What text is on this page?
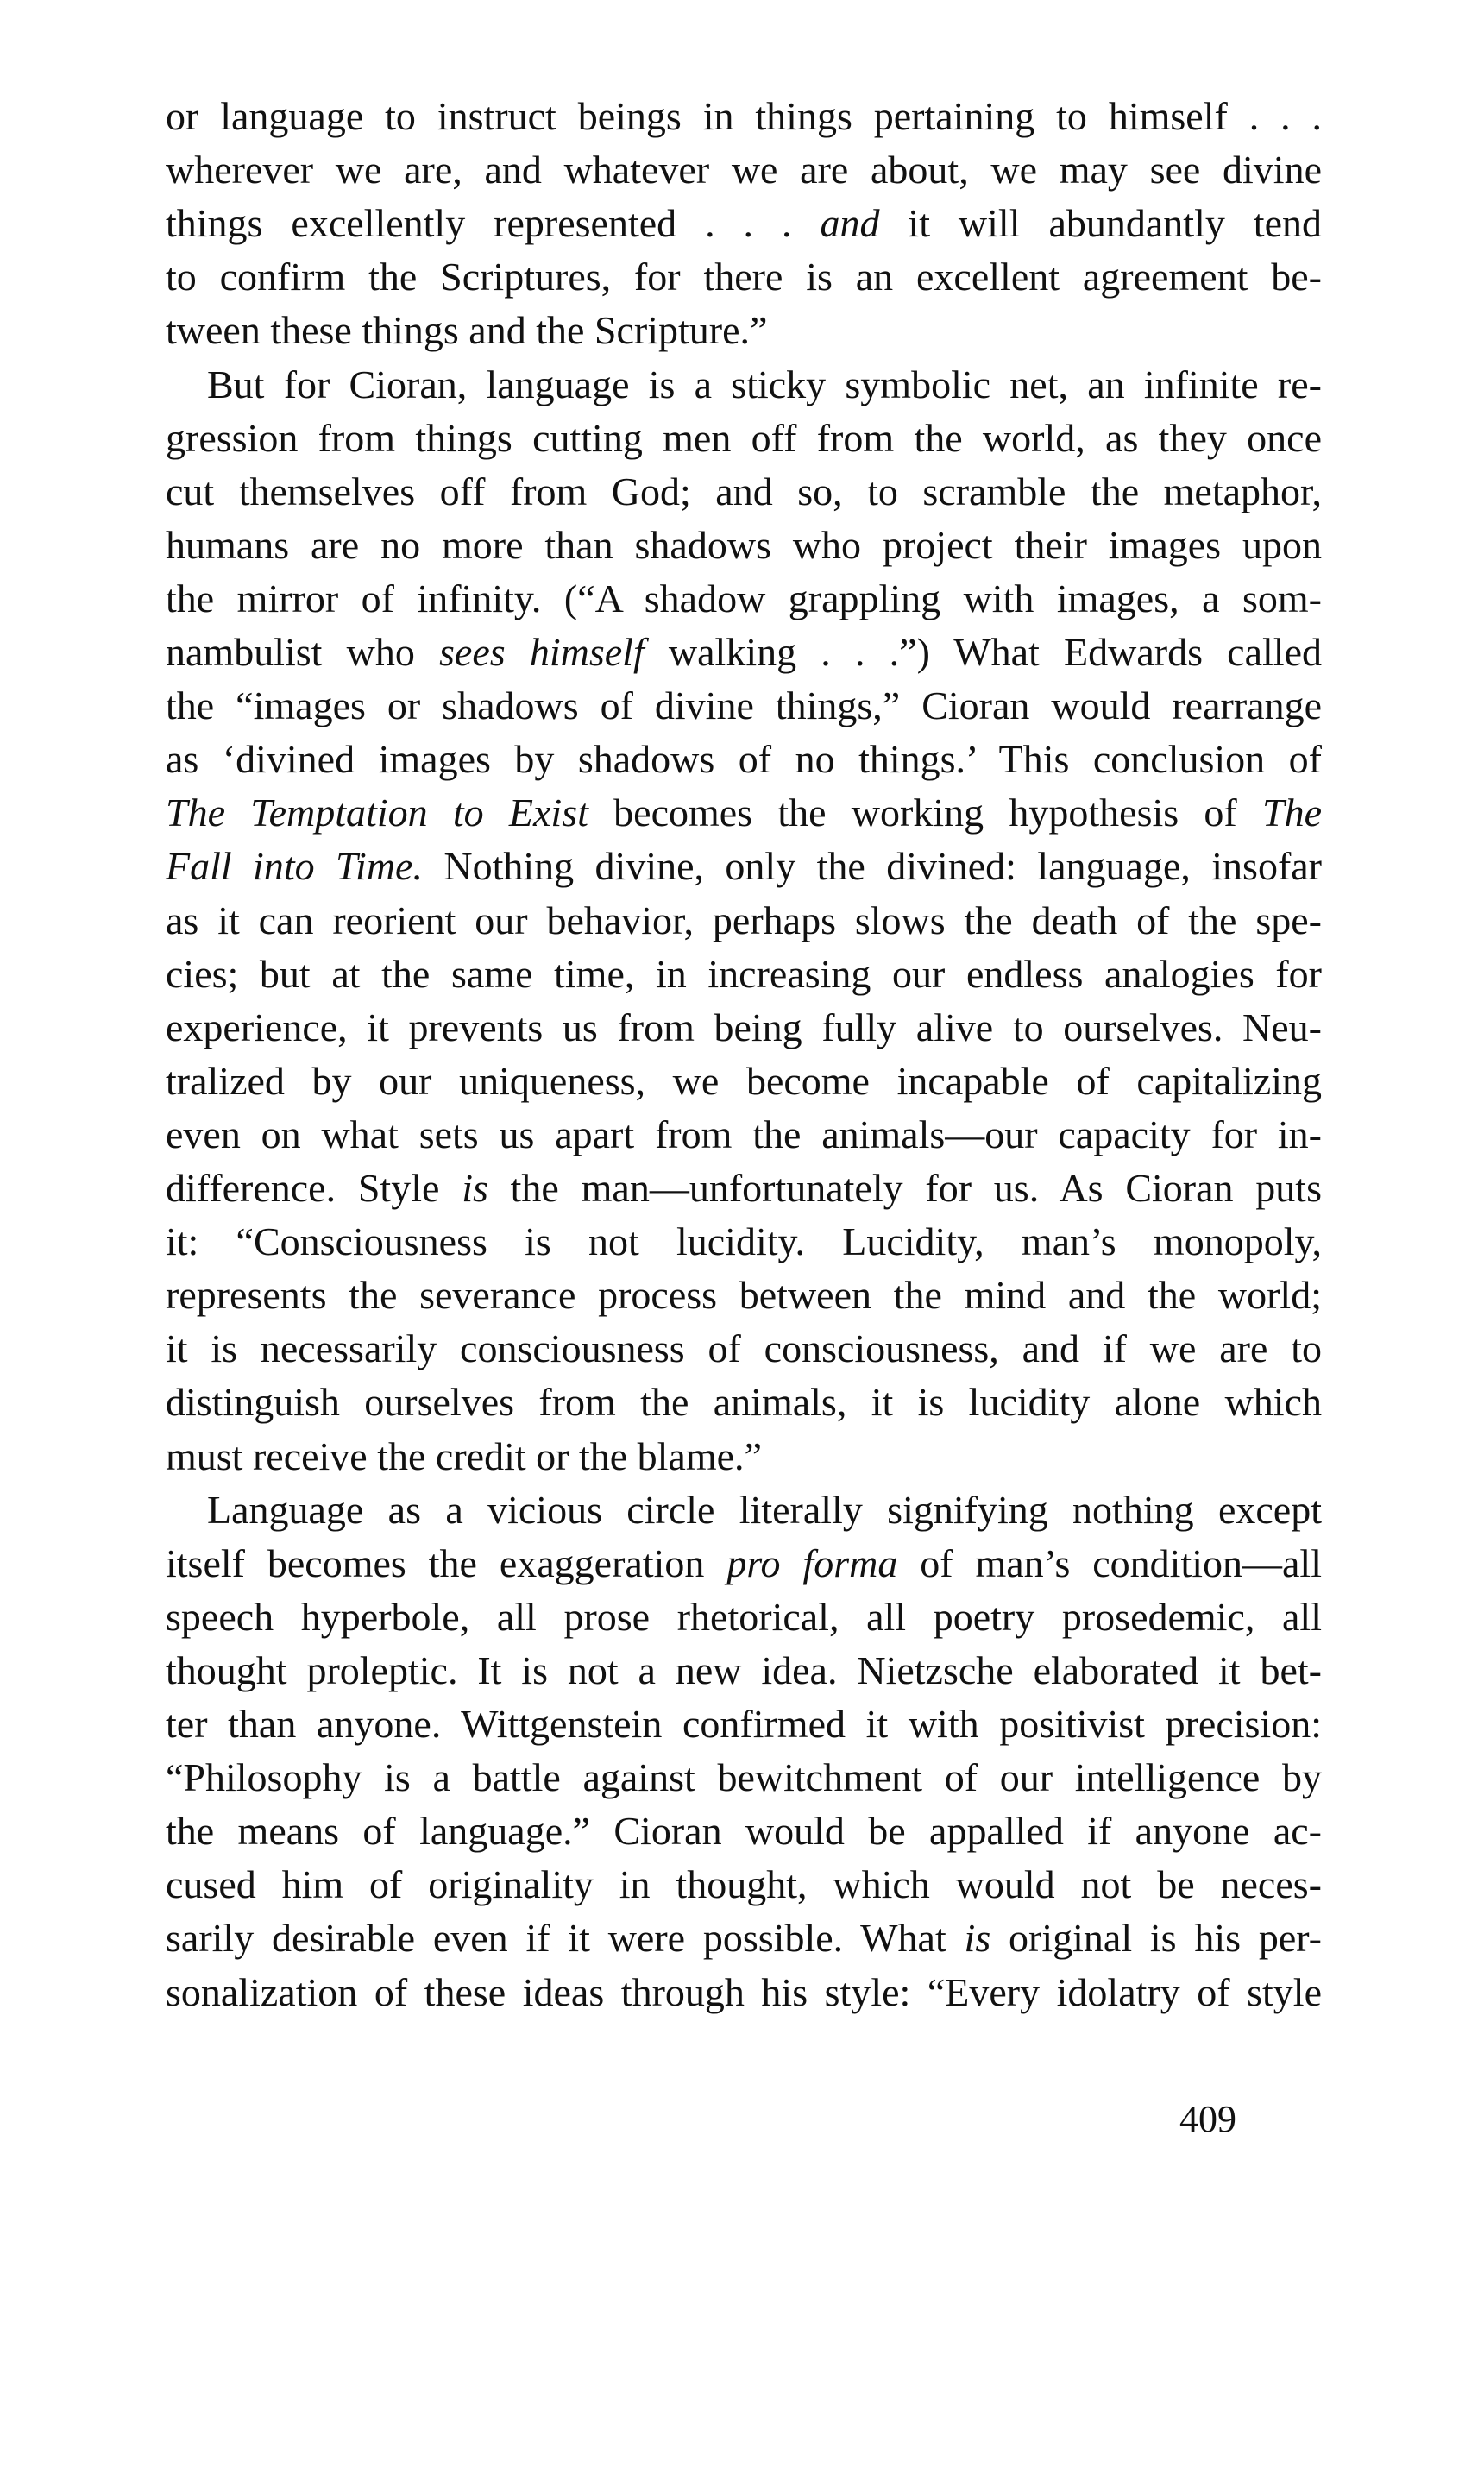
or language to instruct beings in things pertaining to himself . . .
wherever we are, and whatever we are about, we may see divine
things excellently represented . . . and it will abundantly tend
to confirm the Scriptures, for there is an excellent agreement be-
tween these things and the Scripture.”
But for Cioran, language is a sticky symbolic net, an infinite re-
gression from things cutting men off from the world, as they once
cut themselves off from God; and so, to scramble the metaphor,
humans are no more than shadows who project their images upon
the mirror of infinity. (“A shadow grappling with images, a som-
nambulist who sees himself walking . . .”) What Edwards called
the “images or shadows of divine things,” Cioran would rearrange
as ‘divined images by shadows of no things.’ This conclusion of
The Temptation to Exist becomes the working hypothesis of The
Fall into Time. Nothing divine, only the divined: language, insofar
as it can reorient our behavior, perhaps slows the death of the spe-
cies; but at the same time, in increasing our endless analogies for
experience, it prevents us from being fully alive to ourselves. Neu-
tralized by our uniqueness, we become incapable of capitalizing
even on what sets us apart from the animals—our capacity for in-
difference. Style is the man—unfortunately for us. As Cioran puts
it: “Consciousness is not lucidity. Lucidity, man’s monopoly,
represents the severance process between the mind and the world;
it is necessarily consciousness of consciousness, and if we are to
distinguish ourselves from the animals, it is lucidity alone which
must receive the credit or the blame.”
Language as a vicious circle literally signifying nothing except
itself becomes the exaggeration pro forma of man’s condition—all
speech hyperbole, all prose rhetorical, all poetry prosedemic, all
thought proleptic. It is not a new idea. Nietzsche elaborated it bet-
ter than anyone. Wittgenstein confirmed it with positivist precision:
“Philosophy is a battle against bewitchment of our intelligence by
the means of language.” Cioran would be appalled if anyone ac-
cused him of originality in thought, which would not be neces-
sarily desirable even if it were possible. What is original is his per-
sonalization of these ideas through his style: “Every idolatry of style
409
